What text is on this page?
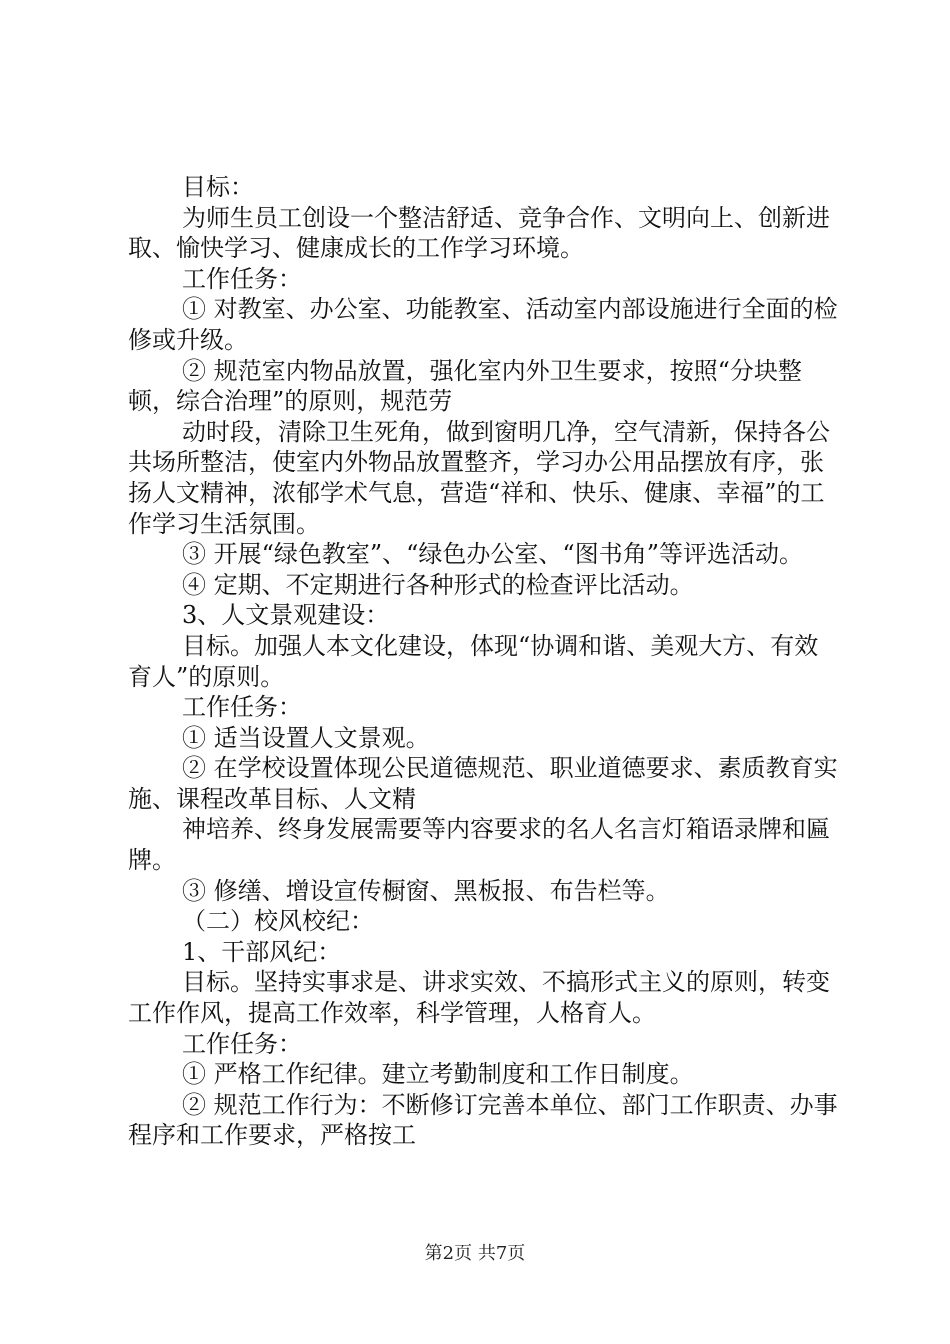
目标：

为师生员工创设一个整洁舒适、竞争合作、文明向上、创新进取、愉快学习、健康成长的工作学习环境。

工作任务：

① 对教室、办公室、功能教室、活动室内部设施进行全面的检修或升级。

② 规范室内物品放置，强化室内外卫生要求，按照“分块整顿，综合治理”的原则，规范劳

动时段，清除卫生死角，做到窗明几净，空气清新，保持各公共场所整洁，使室内外物品放置整齐，学习办公用品摆放有序，张扬人文精神，浓郁学术气息，营造“祥和、快乐、健康、幸福”的工作学习生活氛围。

③ 开展“绿色教室”、“绿色办公室、“图书角”等评选活动。

④ 定期、不定期进行各种形式的检查评比活动。

3、人文景观建设：

目标。加强人本文化建设，体现“协调和谐、美观大方、有效育人”的原则。

工作任务：

① 适当设置人文景观。

② 在学校设置体现公民道德规范、职业道德要求、素质教育实施、课程改革目标、人文精

神培养、终身发展需要等内容要求的名人名言灯箱语录牌和匾牌。

③ 修缮、增设宣传橱窗、黑板报、布告栏等。

（二）校风校纪：

1、干部风纪：

目标。坚持实事求是、讲求实效、不搞形式主义的原则，转变工作作风，提高工作效率，科学管理，人格育人。

工作任务：

① 严格工作纪律。建立考勤制度和工作日制度。

② 规范工作行为：不断修订完善本单位、部门工作职责、办事程序和工作要求，严格按工

第2页 共7页
